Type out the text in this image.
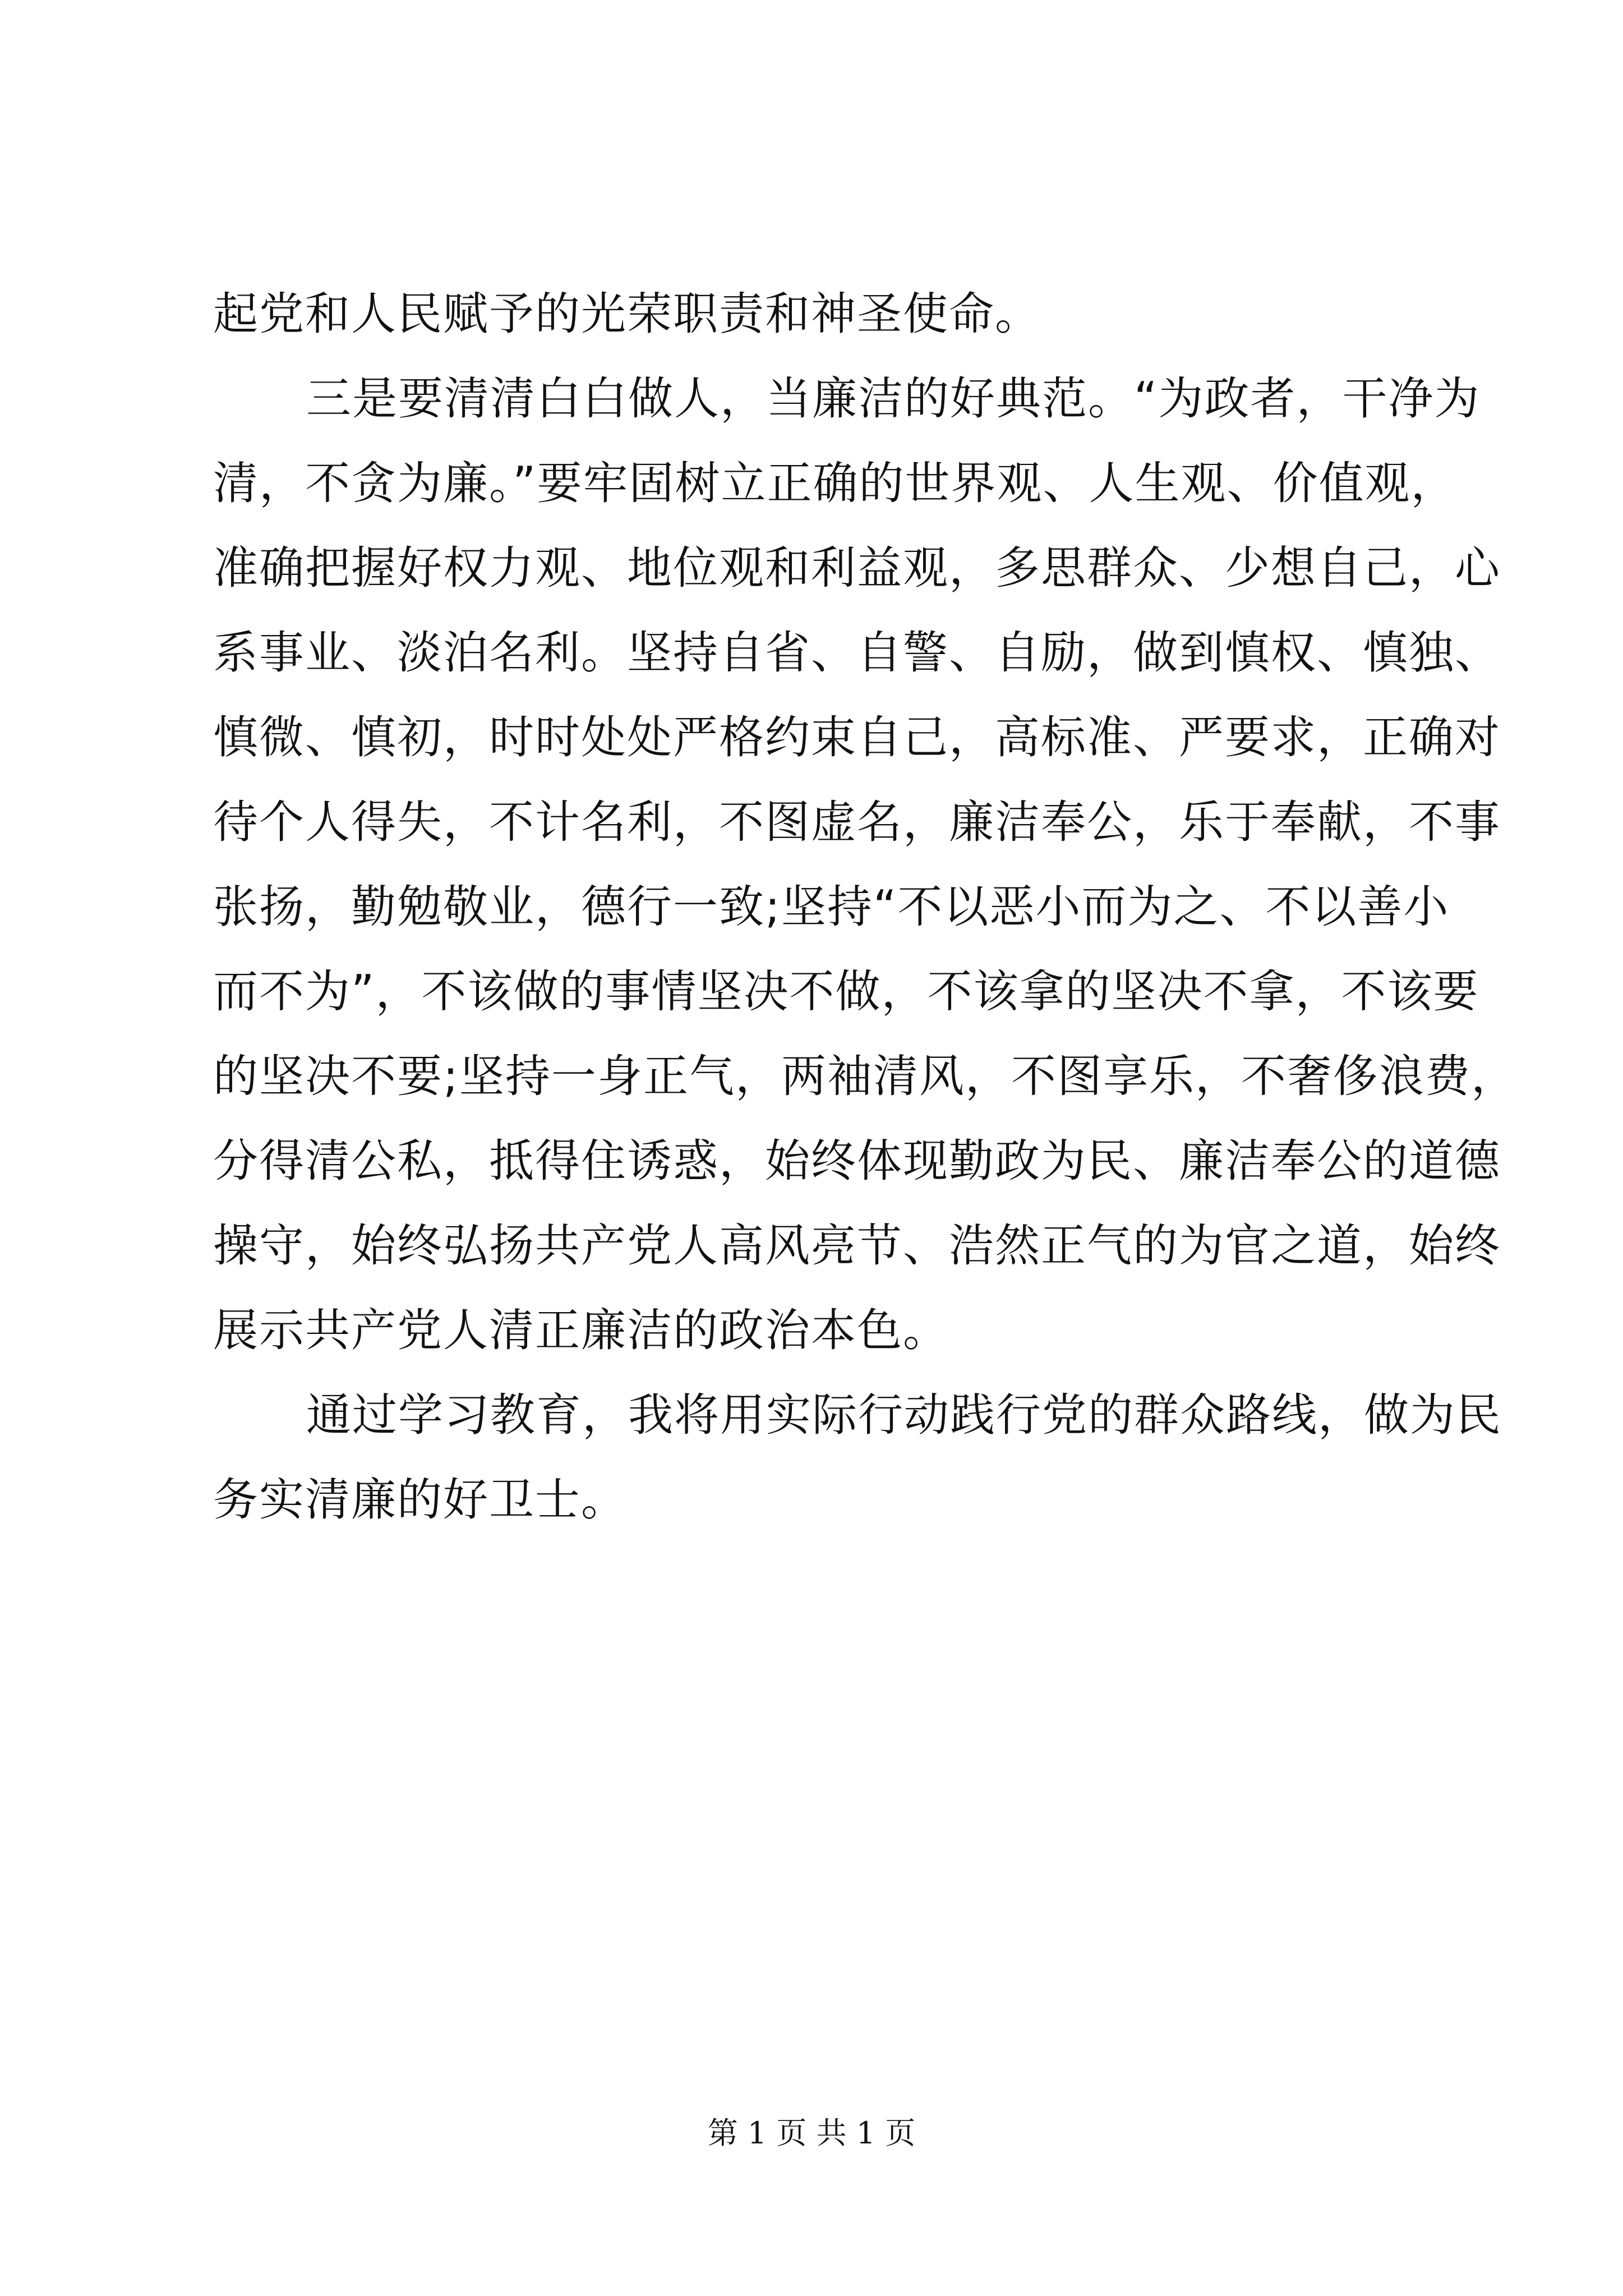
起党和人民赋予的光荣职责和神圣使命。
三是要清清白白做人，当廉洁的好典范。“为政者，干净为
清，不贪为廉。”要牢固树立正确的世界观、人生观、价值观，
准确把握好权力观、地位观和利益观，多思群众、少想自己，心
系事业、淡泊名利。坚持自省、自警、自励，做到慎权、慎独、
慎微、慎初，时时处处严格约束自己，高标准、严要求，正确对
待个人得失，不计名利，不图虚名，廉洁奉公，乐于奉献，不事
张扬，勤勉敬业，德行一致;坚持“不以恶小而为之、不以善小
而不为”，不该做的事情坚决不做，不该拿的坚决不拿，不该要
的坚决不要;坚持一身正气，两袖清风，不图享乐，不奢侈浪费，
分得清公私，抵得住诱惑，始终体现勤政为民、廉洁奉公的道德
操守，始终弘扬共产党人高风亮节、浩然正气的为官之道，始终
展示共产党人清正廉洁的政治本色。
通过学习教育，我将用实际行动践行党的群众路线，做为民
务实清廉的好卫士。
第 1 页 共 1 页
